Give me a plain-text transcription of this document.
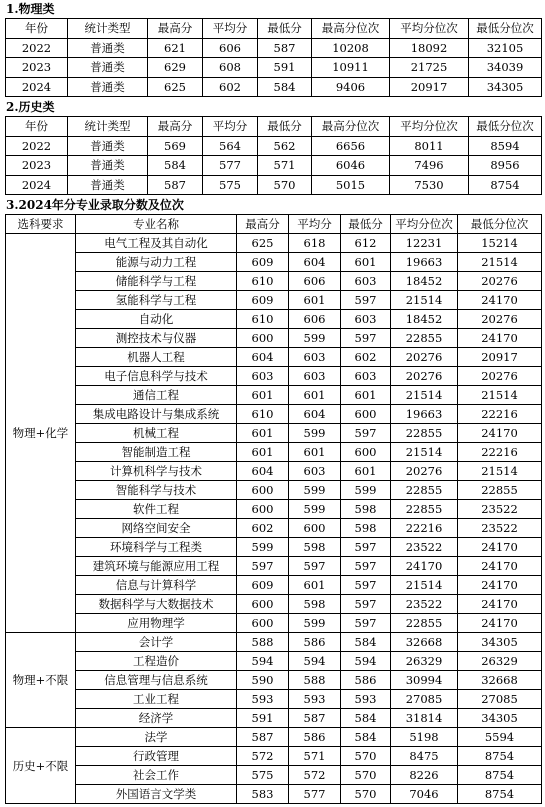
1.物理类
年份	统计类型	最高分	平均分	最低分	最高分位次	平均分位次	最低分位次
2022	普通类	621	606	587	10208	18092	32105
2023	普通类	629	608	591	10911	21725	34039
2024	普通类	625	602	584	9406	20917	34305
2.历史类
年份	统计类型	最高分	平均分	最低分	最高分位次	平均分位次	最低分位次
2022	普通类	569	564	562	6656	8011	8594
2023	普通类	584	577	571	6046	7496	8956
2024	普通类	587	575	570	5015	7530	8754
3.2024年分专业录取分数及位次
选科要求	专业名称	最高分	平均分	最低分	平均分位次	最低分位次
物理+化学	电气工程及其自动化	625	618	612	12231	15214
	能源与动力工程	609	604	601	19663	21514
	储能科学与工程	610	606	603	18452	20276
	氢能科学与工程	609	601	597	21514	24170
	自动化	610	606	603	18452	20276
	测控技术与仪器	600	599	597	22855	24170
	机器人工程	604	603	602	20276	20917
	电子信息科学与技术	603	603	603	20276	20276
	通信工程	601	601	601	21514	21514
	集成电路设计与集成系统	610	604	600	19663	22216
	机械工程	601	599	597	22855	24170
	智能制造工程	601	601	600	21514	22216
	计算机科学与技术	604	603	601	20276	21514
	智能科学与技术	600	599	599	22855	22855
	软件工程	600	599	598	22855	23522
	网络空间安全	602	600	598	22216	23522
	环境科学与工程类	599	598	597	23522	24170
	建筑环境与能源应用工程	597	597	597	24170	24170
	信息与计算科学	609	601	597	21514	24170
	数据科学与大数据技术	600	598	597	23522	24170
	应用物理学	600	599	597	22855	24170
物理+不限	会计学	588	586	584	32668	34305
	工程造价	594	594	594	26329	26329
	信息管理与信息系统	590	588	586	30994	32668
	工业工程	593	593	593	27085	27085
	经济学	591	587	584	31814	34305
历史+不限	法学	587	586	584	5198	5594
	行政管理	572	571	570	8475	8754
	社会工作	575	572	570	8226	8754
	外国语言文学类	583	577	570	7046	8754
